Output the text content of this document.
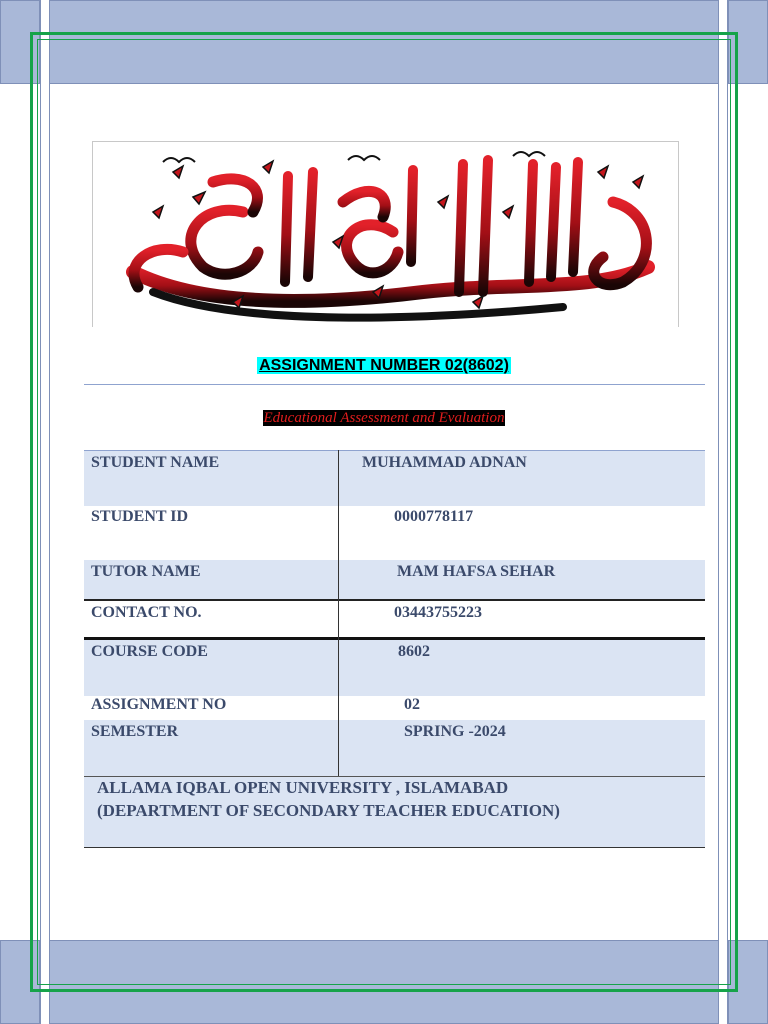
ASSIGNMENT NUMBER 02(8602)
Educational Assessment and Evaluation
STUDENT NAME	MUHAMMAD ADNAN
STUDENT ID	0000778117
TUTOR NAME	MAM HAFSA SEHAR
CONTACT NO.	03443755223
COURSE CODE	8602
ASSIGNMENT NO	02
SEMESTER	SPRING -2024
ALLAMA IQBAL OPEN UNIVERSITY , ISLAMABAD
(DEPARTMENT OF SECONDARY TEACHER EDUCATION)
